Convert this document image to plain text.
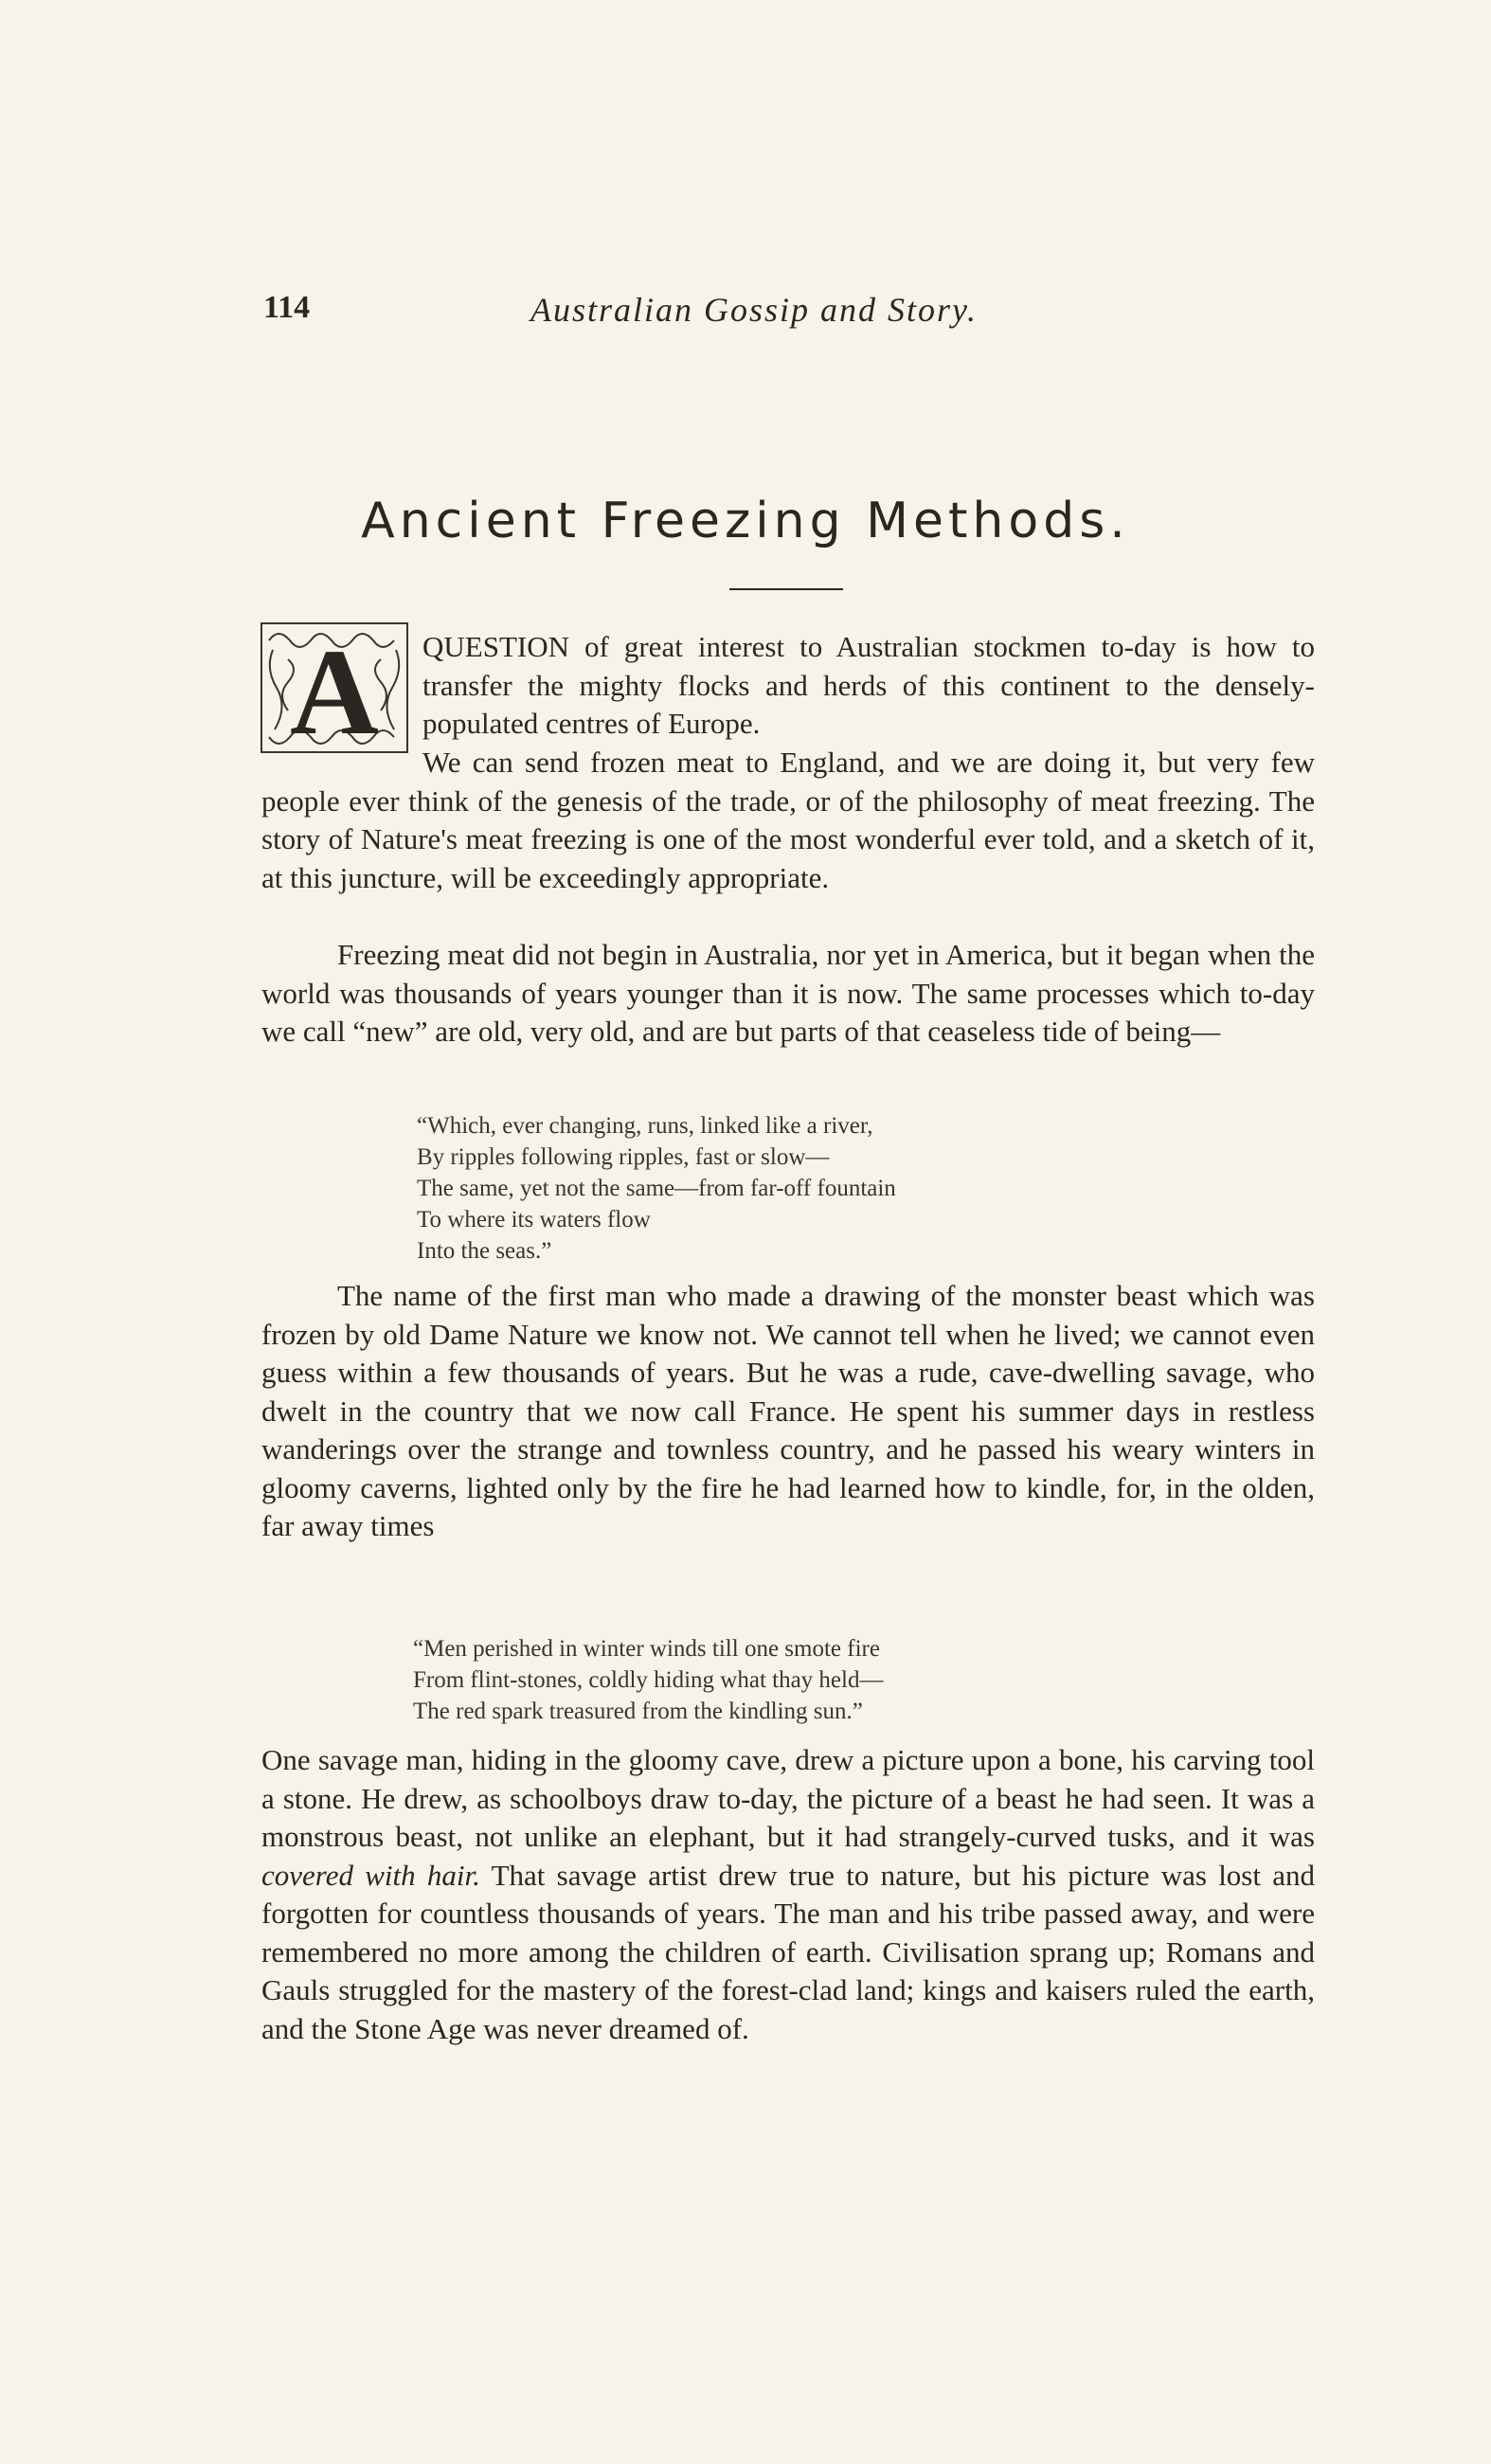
114	Australian Gossip and Story.
Ancient Freezing Methods.
A QUESTION of great interest to Australian stockmen to-day is how to transfer the mighty flocks and herds of this continent to the densely-populated centres of Europe.

We can send frozen meat to England, and we are doing it, but very few people ever think of the genesis of the trade, or of the philosophy of meat freezing. The story of Nature's meat freezing is one of the most wonderful ever told, and a sketch of it, at this juncture, will be exceedingly appropriate.

Freezing meat did not begin in Australia, nor yet in America, but it began when the world was thousands of years younger than it is now. The same processes which to-day we call “new” are old, very old, and are but parts of that ceaseless tide of being—

“Which, ever changing, runs, linked like a river,
By ripples following ripples, fast or slow—
The same, yet not the same—from far-off fountain
To where its waters flow
Into the seas.”

The name of the first man who made a drawing of the monster beast which was frozen by old Dame Nature we know not. We cannot tell when he lived; we cannot even guess within a few thousands of years. But he was a rude, cave-dwelling savage, who dwelt in the country that we now call France. He spent his summer days in restless wanderings over the strange and townless country, and he passed his weary winters in gloomy caverns, lighted only by the fire he had learned how to kindle, for, in the olden, far away times

“Men perished in winter winds till one smote fire
From flint-stones, coldly hiding what thay held—
The red spark treasured from the kindling sun.”

One savage man, hiding in the gloomy cave, drew a picture upon a bone, his carving tool a stone. He drew, as schoolboys draw to-day, the picture of a beast he had seen. It was a monstrous beast, not unlike an elephant, but it had strangely-curved tusks, and it was covered with hair. That savage artist drew true to nature, but his picture was lost and forgotten for countless thousands of years. The man and his tribe passed away, and were remembered no more among the children of earth. Civilisation sprang up; Romans and Gauls struggled for the mastery of the forest-clad land; kings and kaisers ruled the earth, and the Stone Age was never dreamed of.
